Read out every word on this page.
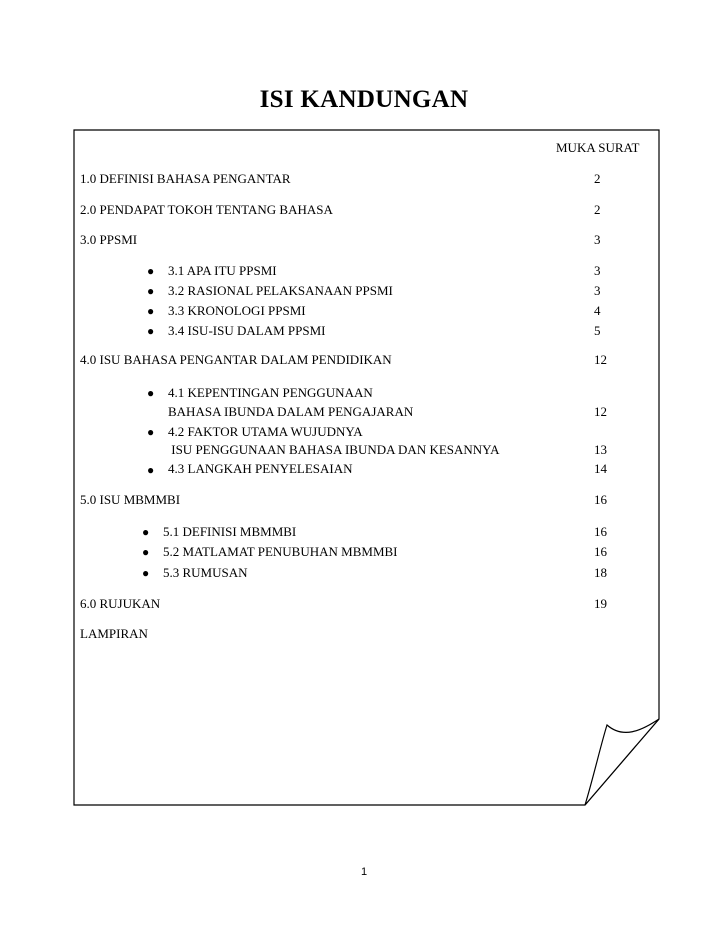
ISI KANDUNGAN
MUKA SURAT
1.0 DEFINISI BAHASA PENGANTAR	2
2.0 PENDAPAT TOKOH TENTANG BAHASA	2
3.0 PPSMI	3
● 3.1 APA ITU PPSMI	3
● 3.2 RASIONAL PELAKSANAAN PPSMI	3
● 3.3 KRONOLOGI PPSMI	4
● 3.4 ISU-ISU DALAM PPSMI	5
4.0 ISU BAHASA PENGANTAR DALAM PENDIDIKAN	12
● 4.1 KEPENTINGAN PENGGUNAAN
BAHASA IBUNDA DALAM PENGAJARAN	12
● 4.2 FAKTOR UTAMA WUJUDNYA
ISU PENGGUNAAN BAHASA IBUNDA DAN KESANNYA	13
● 4.3 LANGKAH PENYELESAIAN	14
5.0 ISU MBMMBI	16
● 5.1 DEFINISI MBMMBI	16
● 5.2 MATLAMAT PENUBUHAN MBMMBI	16
● 5.3 RUMUSAN	18
6.0 RUJUKAN	19
LAMPIRAN
1
